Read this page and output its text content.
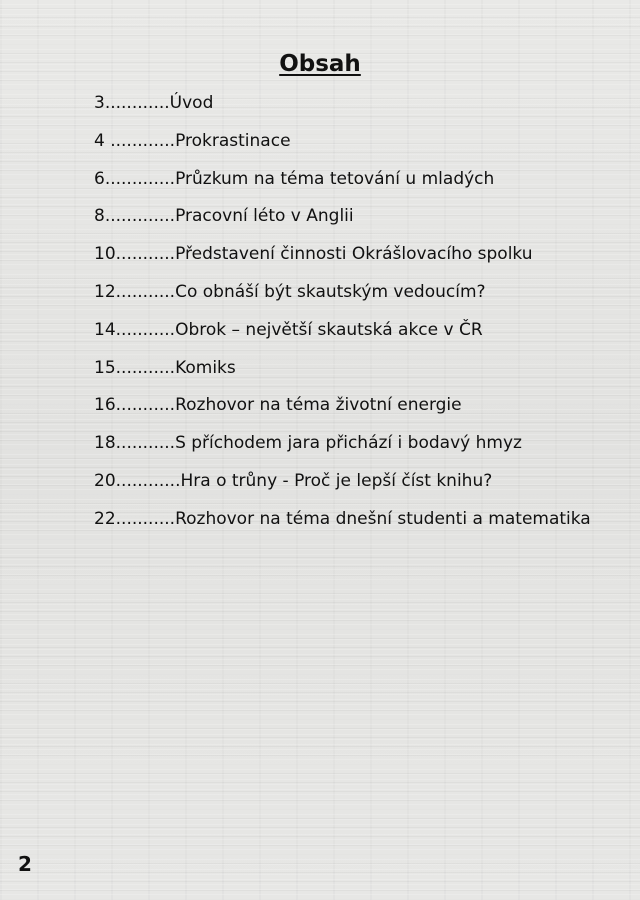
Obsah
3............Úvod
4 ............Prokrastinace
6.............Průzkum na téma tetování u mladých
8.............Pracovní léto v Anglii
10...........Představení činnosti Okrášlovacího spolku
12...........Co obnáší být skautským vedoucím?
14...........Obrok – největší skautská akce v ČR
15...........Komiks
16...........Rozhovor na téma životní energie
18...........S příchodem jara přichází i bodavý hmyz
20............Hra o trůny - Proč je lepší číst knihu?
22...........Rozhovor na téma dnešní studenti a matematika
2
